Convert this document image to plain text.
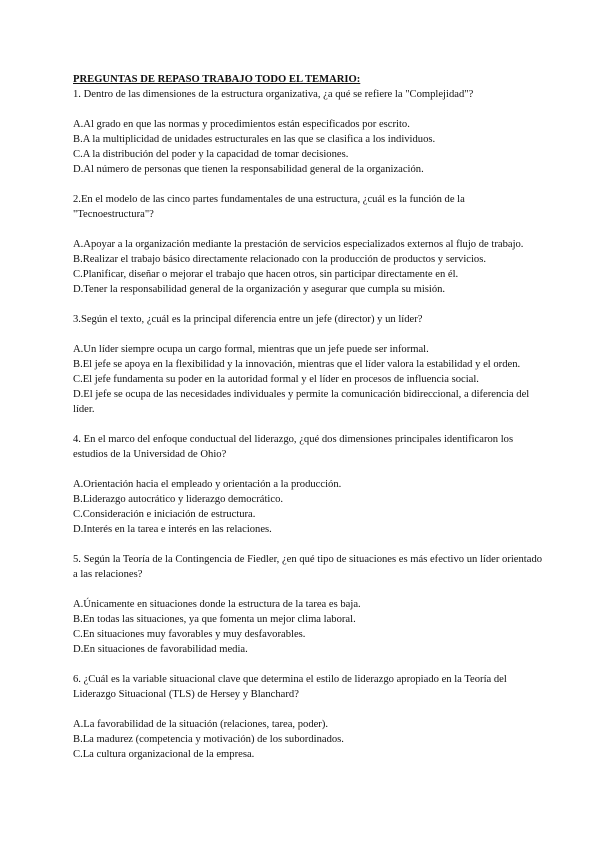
PREGUNTAS DE REPASO TRABAJO TODO EL TEMARIO:

1. Dentro de las dimensiones de la estructura organizativa, ¿a qué se refiere la "Complejidad"?

A.Al grado en que las normas y procedimientos están especificados por escrito.

B.A la multiplicidad de unidades estructurales en las que se clasifica a los individuos.

C.A la distribución del poder y la capacidad de tomar decisiones.

D.Al número de personas que tienen la responsabilidad general de la organización.

2.En el modelo de las cinco partes fundamentales de una estructura, ¿cuál es la función de la "Tecnoestructura"?

A.Apoyar a la organización mediante la prestación de servicios especializados externos al flujo de trabajo.

B.Realizar el trabajo básico directamente relacionado con la producción de productos y servicios.

C.Planificar, diseñar o mejorar el trabajo que hacen otros, sin participar directamente en él.

D.Tener la responsabilidad general de la organización y asegurar que cumpla su misión.

3.Según el texto, ¿cuál es la principal diferencia entre un jefe (director) y un líder?

A.Un líder siempre ocupa un cargo formal, mientras que un jefe puede ser informal.

B.El jefe se apoya en la flexibilidad y la innovación, mientras que el líder valora la estabilidad y el orden.

C.El jefe fundamenta su poder en la autoridad formal y el líder en procesos de influencia social.

D.El jefe se ocupa de las necesidades individuales y permite la comunicación bidireccional, a diferencia del líder.

4. En el marco del enfoque conductual del liderazgo, ¿qué dos dimensiones principales identificaron los estudios de la Universidad de Ohio?

A.Orientación hacia el empleado y orientación a la producción.

B.Liderazgo autocrático y liderazgo democrático.

C.Consideración e iniciación de estructura.

D.Interés en la tarea e interés en las relaciones.

5. Según la Teoría de la Contingencia de Fiedler, ¿en qué tipo de situaciones es más efectivo un líder orientado a las relaciones?

A.Únicamente en situaciones donde la estructura de la tarea es baja.

B.En todas las situaciones, ya que fomenta un mejor clima laboral.

C.En situaciones muy favorables y muy desfavorables.

D.En situaciones de favorabilidad media.

6. ¿Cuál es la variable situacional clave que determina el estilo de liderazgo apropiado en la Teoría del Liderazgo Situacional (TLS) de Hersey y Blanchard?

A.La favorabilidad de la situación (relaciones, tarea, poder).

B.La madurez (competencia y motivación) de los subordinados.

C.La cultura organizacional de la empresa.
